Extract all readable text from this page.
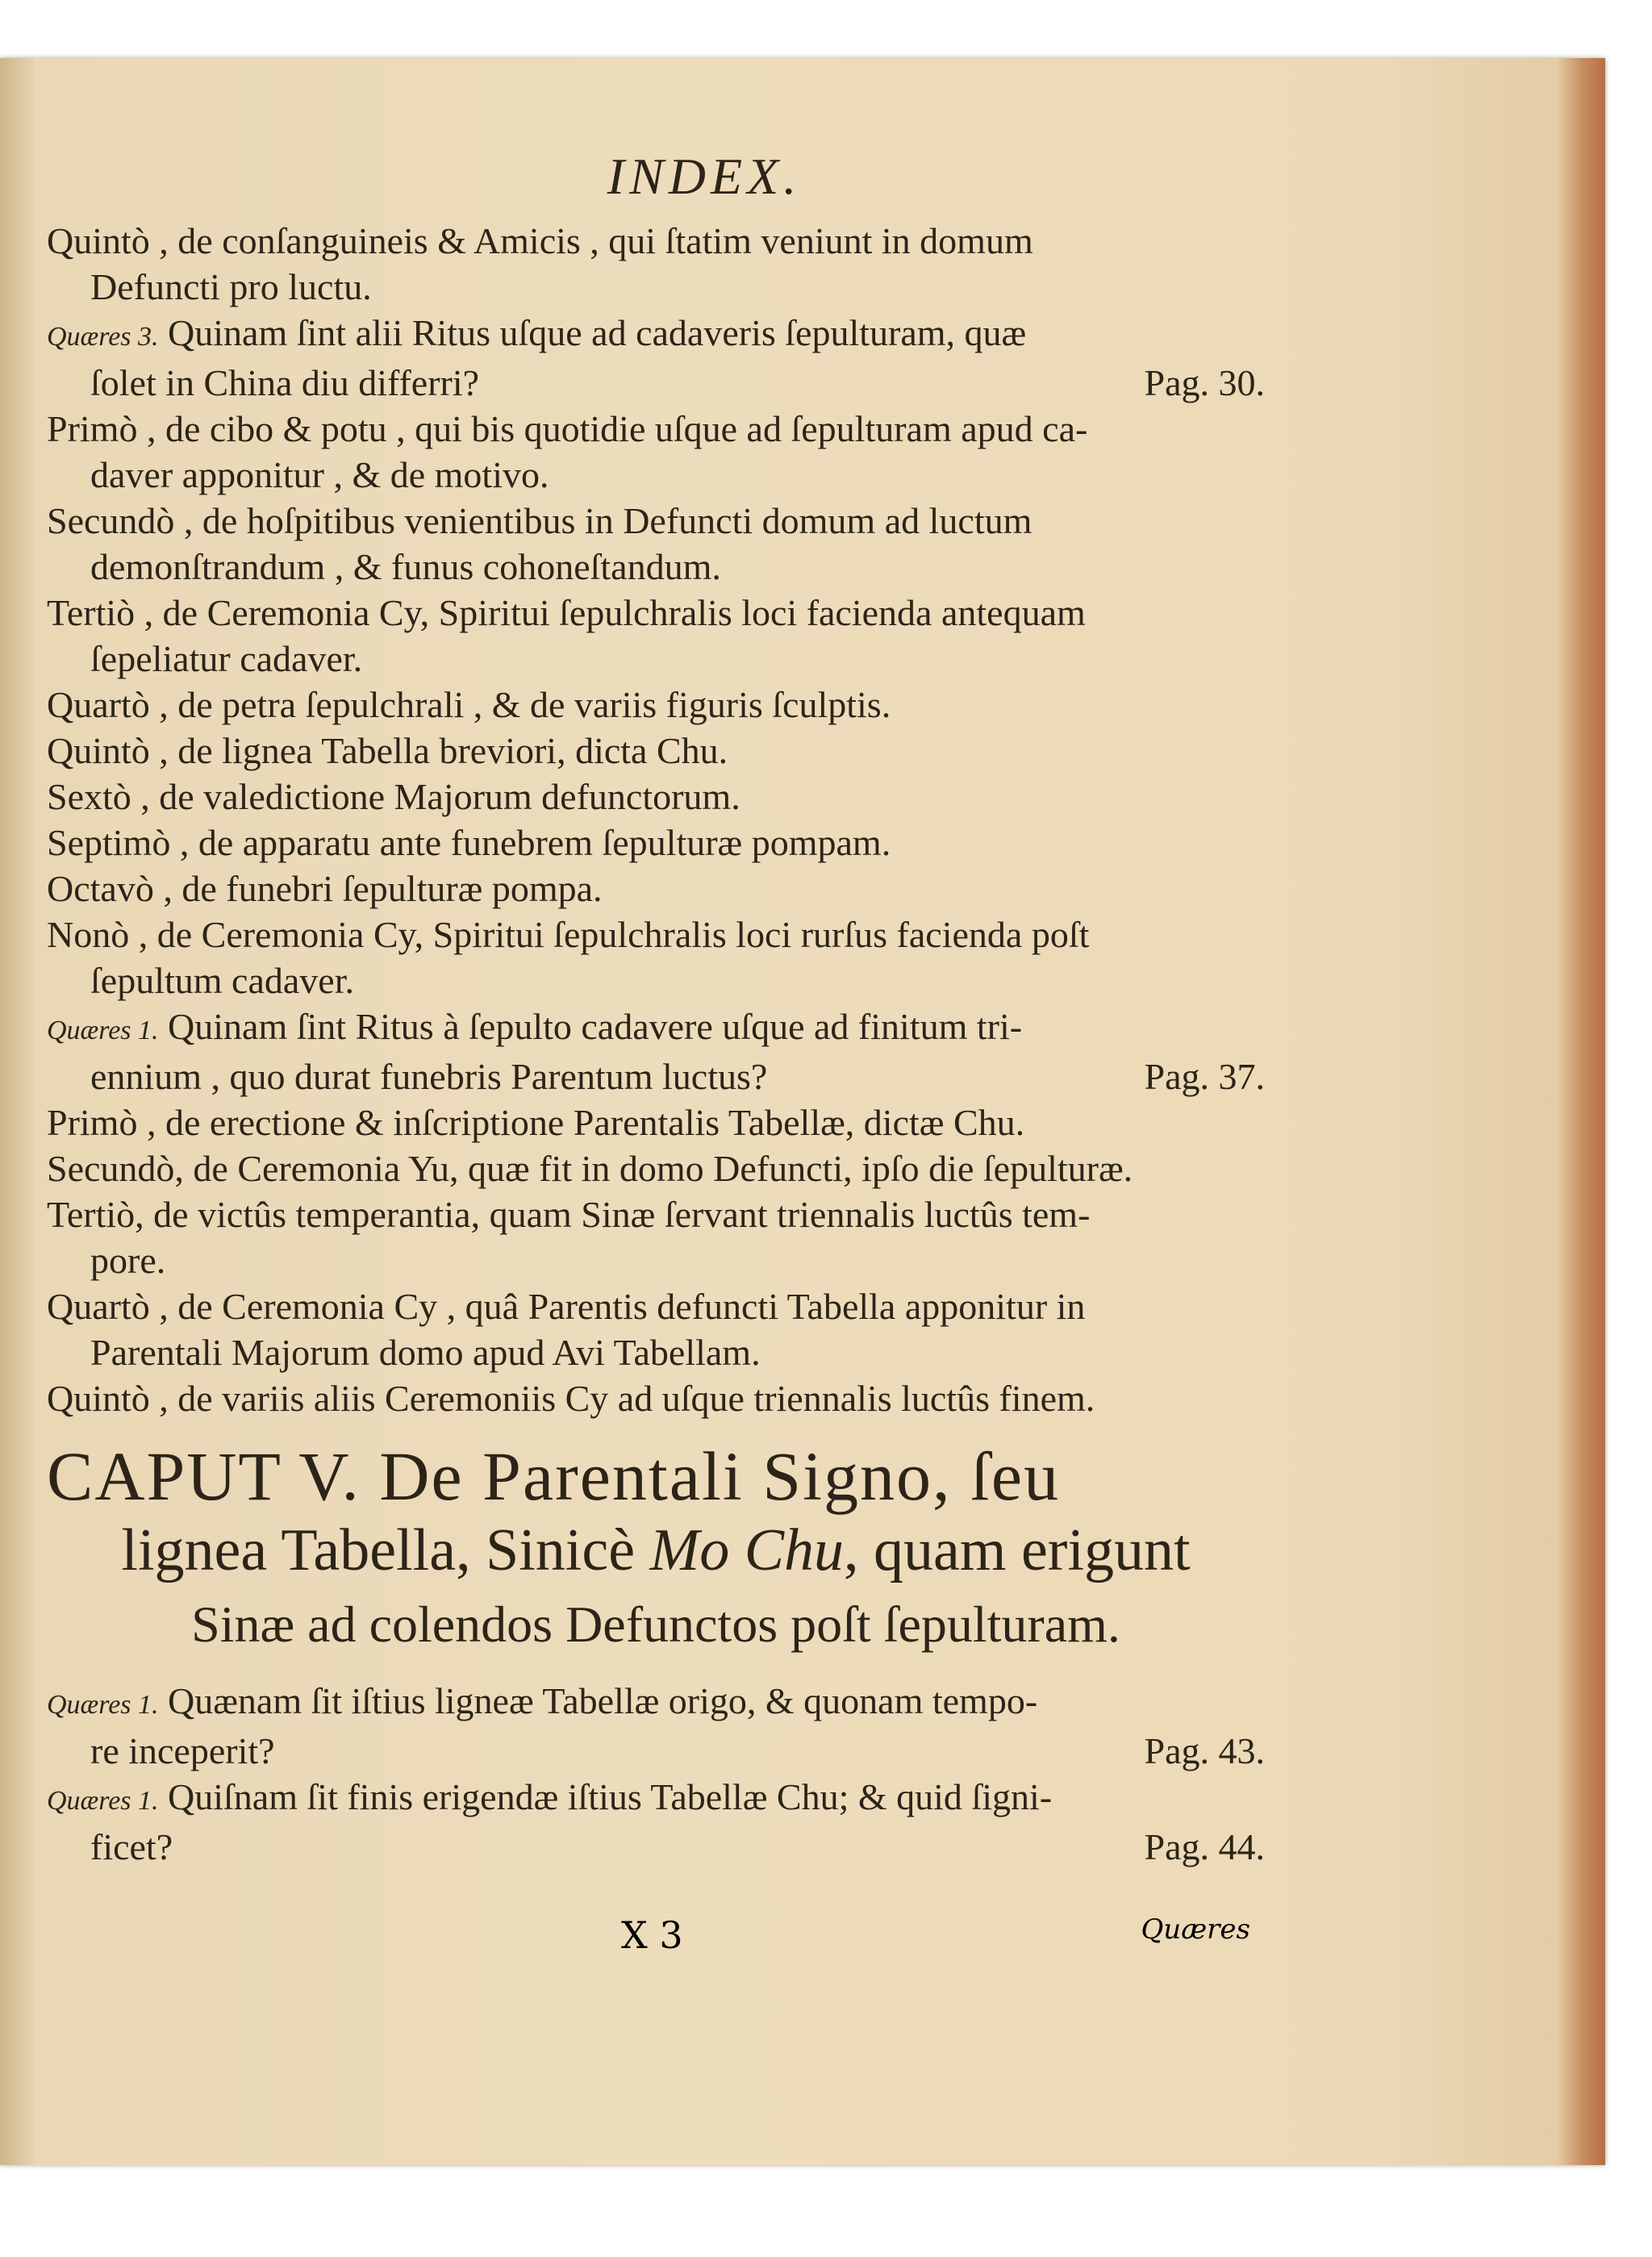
INDEX.

Quintò , de conſanguineis & Amicis , qui ſtatim veniunt in domum
Defuncti pro luctu.

Quæres 3. Quinam ſint alii Ritus uſque ad cadaveris ſepulturam, quæ
ſolet in China diu differri?	Pag. 30.

Primò , de cibo & potu , qui bis quotidie uſque ad ſepulturam apud ca-
daver apponitur , & de motivo.

Secundò , de hoſpitibus venientibus in Defuncti domum ad luctum
demonſtrandum , & funus cohoneſtandum.

Tertiò , de Ceremonia Cy, Spiritui ſepulchralis loci facienda antequam
ſepeliatur cadaver.

Quartò , de petra ſepulchrali , & de variis figuris ſculptis.

Quintò , de lignea Tabella breviori, dicta Chu.

Sextò , de valedictione Majorum defunctorum.

Septimò , de apparatu ante funebrem ſepulturæ pompam.

Octavò , de funebri ſepulturæ pompa.

Nonò , de Ceremonia Cy, Spiritui ſepulchralis loci rurſus facienda poſt
ſepultum cadaver.

Quæres 1. Quinam ſint Ritus à ſepulto cadavere uſque ad finitum tri-
ennium , quo durat funebris Parentum luctus?	Pag. 37.

Primò , de erectione & inſcriptione Parentalis Tabellæ, dictæ Chu.

Secundò, de Ceremonia Yu, quæ fit in domo Defuncti, ipſo die ſepulturæ.

Tertiò, de victûs temperantia, quam Sinæ ſervant triennalis luctûs tem-
pore.

Quartò , de Ceremonia Cy , quâ Parentis defuncti Tabella apponitur in
Parentali Majorum domo apud Avi Tabellam.

Quintò , de variis aliis Ceremoniis Cy ad uſque triennalis luctûs finem.

CAPUT V. De Parentali Signo, ſeu
lignea Tabella, Sinicè Mo Chu, quam erigunt
Sinæ ad colendos Defunctos poſt ſepulturam.

Quæres 1. Quænam ſit iſtius ligneæ Tabellæ origo, & quonam tempo-
re inceperit?	Pag. 43.

Quæres 1. Quiſnam ſit finis erigendæ iſtius Tabellæ Chu; & quid ſigni-
ficet?	Pag. 44.

X 3	Quæres
